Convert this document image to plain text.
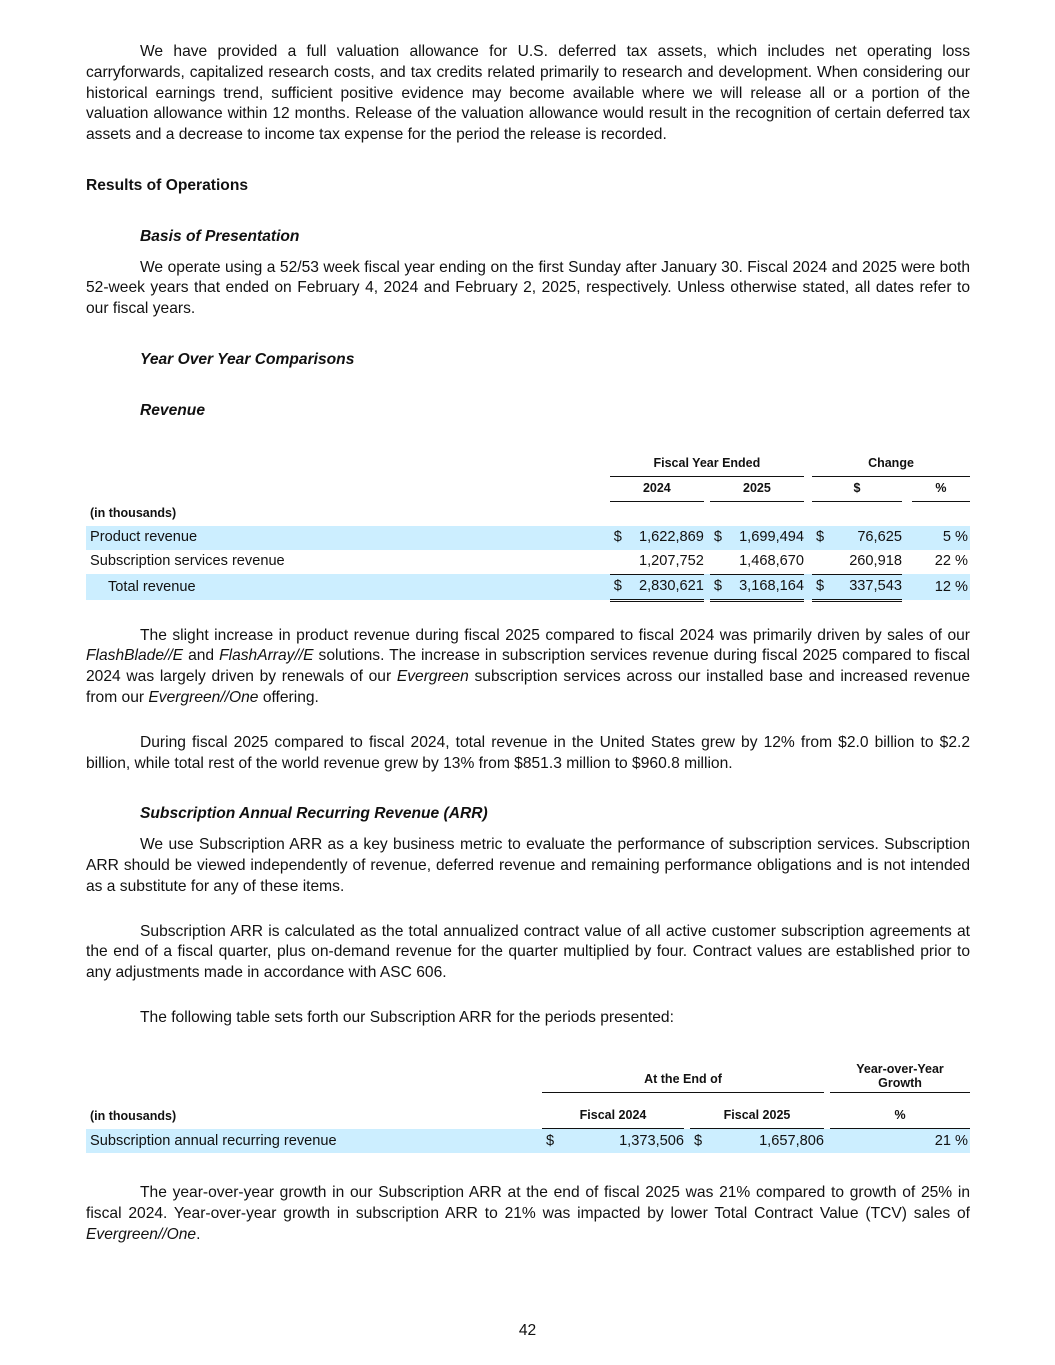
We have provided a full valuation allowance for U.S. deferred tax assets, which includes net operating loss carryforwards, capitalized research costs, and tax credits related primarily to research and development. When considering our historical earnings trend, sufficient positive evidence may become available where we will release all or a portion of the valuation allowance within 12 months. Release of the valuation allowance would result in the recognition of certain deferred tax assets and a decrease to income tax expense for the period the release is recorded.

Results of Operations
Basis of Presentation

We operate using a 52/53 week fiscal year ending on the first Sunday after January 30. Fiscal 2024 and 2025 were both 52-week years that ended on February 4, 2024 and February 2, 2025, respectively. Unless otherwise stated, all dates refer to our fiscal years.

Year Over Year Comparisons
Revenue
		Fiscal Year Ended						Change			
		2024			2025			$			%
(in thousands)											
Product revenue		$	1,622,869		$	1,699,494		$	76,625		5 %
Subscription services revenue			1,207,752			1,468,670			260,918		22 %
Total revenue		$	2,830,621		$	3,168,164		$	337,543		12 %

The slight increase in product revenue during fiscal 2025 compared to fiscal 2024 was primarily driven by sales of our FlashBlade//E and FlashArray//E solutions. The increase in subscription services revenue during fiscal 2025 compared to fiscal 2024 was largely driven by renewals of our Evergreen subscription services across our installed base and increased revenue from our Evergreen//One offering.

During fiscal 2025 compared to fiscal 2024, total revenue in the United States grew by 12% from $2.0 billion to $2.2 billion, while total rest of the world revenue grew by 13% from $851.3 million to $960.8 million.

Subscription Annual Recurring Revenue (ARR)

We use Subscription ARR as a key business metric to evaluate the performance of subscription services. Subscription ARR should be viewed independently of revenue, deferred revenue and remaining performance obligations and is not intended as a substitute for any of these items.

Subscription ARR is calculated as the total annualized contract value of all active customer subscription agreements at the end of a fiscal quarter, plus on-demand revenue for the quarter multiplied by four. Contract values are established prior to any adjustments made in accordance with ASC 606.

The following table sets forth our Subscription ARR for the periods presented:

		At the End of						Year-over-Year
Growth
(in thousands)		Fiscal 2024			Fiscal 2025			%
Subscription annual recurring revenue		$	1,373,506		$	1,657,806		21 %

The year-over-year growth in our Subscription ARR at the end of fiscal 2025 was 21% compared to growth of 25% in fiscal 2024. Year-over-year growth in subscription ARR to 21% was impacted by lower Total Contract Value (TCV) sales of Evergreen//One.

42
